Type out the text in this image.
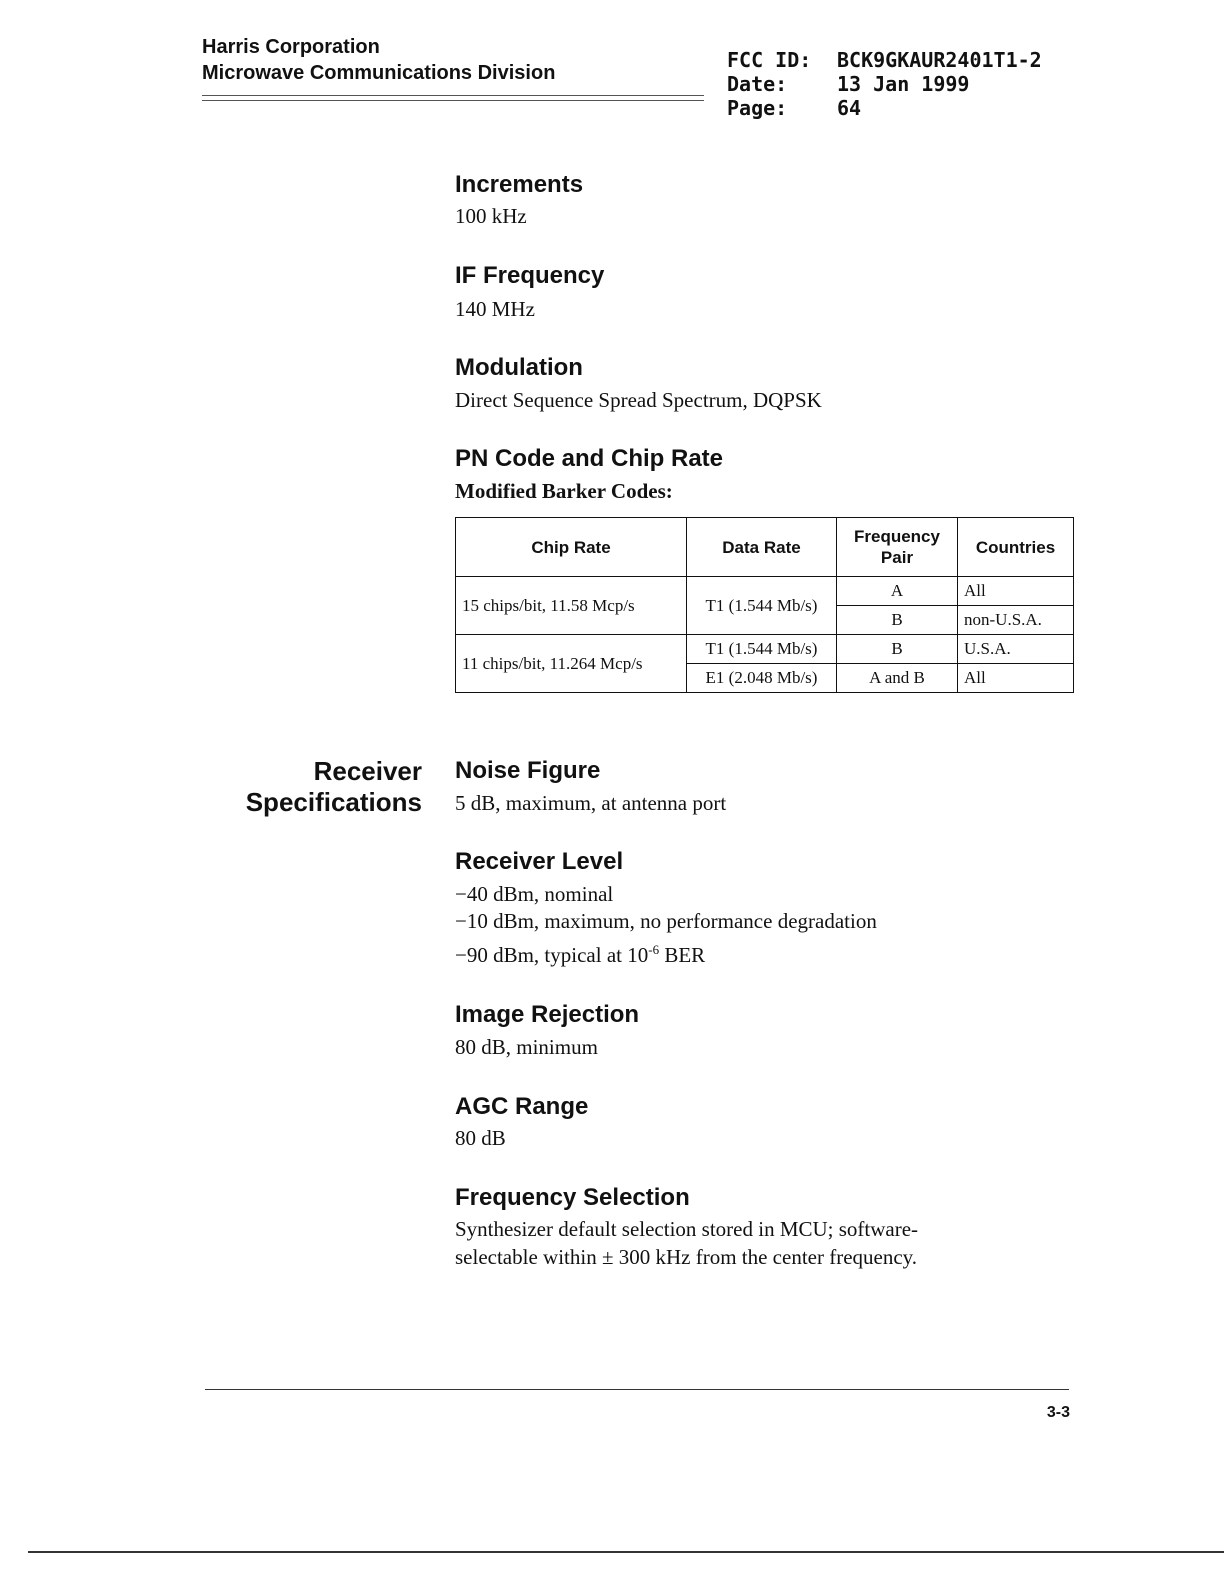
Harris Corporation
Microwave Communications Division
FCC ID:	BCK9GKAUR2401T1-2
Date:	13 Jan 1999
Page:	64
Increments
100 kHz
IF Frequency
140 MHz
Modulation
Direct Sequence Spread Spectrum, DQPSK
PN Code and Chip Rate
Modified Barker Codes:
Chip Rate	Data Rate	Frequency Pair	Countries
15 chips/bit, 11.58 Mcp/s	T1 (1.544 Mb/s)	A	All
		B	non-U.S.A.
11 chips/bit, 11.264 Mcp/s	T1 (1.544 Mb/s)	B	U.S.A.
	E1 (2.048 Mb/s)	A and B	All
Receiver
Specifications
Noise Figure
5 dB, maximum, at antenna port
Receiver Level
−40 dBm, nominal
−10 dBm, maximum, no performance degradation
−90 dBm, typical at $10^{-6}$ BER
Image Rejection
80 dB, minimum
AGC Range
80 dB
Frequency Selection
Synthesizer default selection stored in MCU; software-
selectable within ± 300 kHz from the center frequency.
3-3
